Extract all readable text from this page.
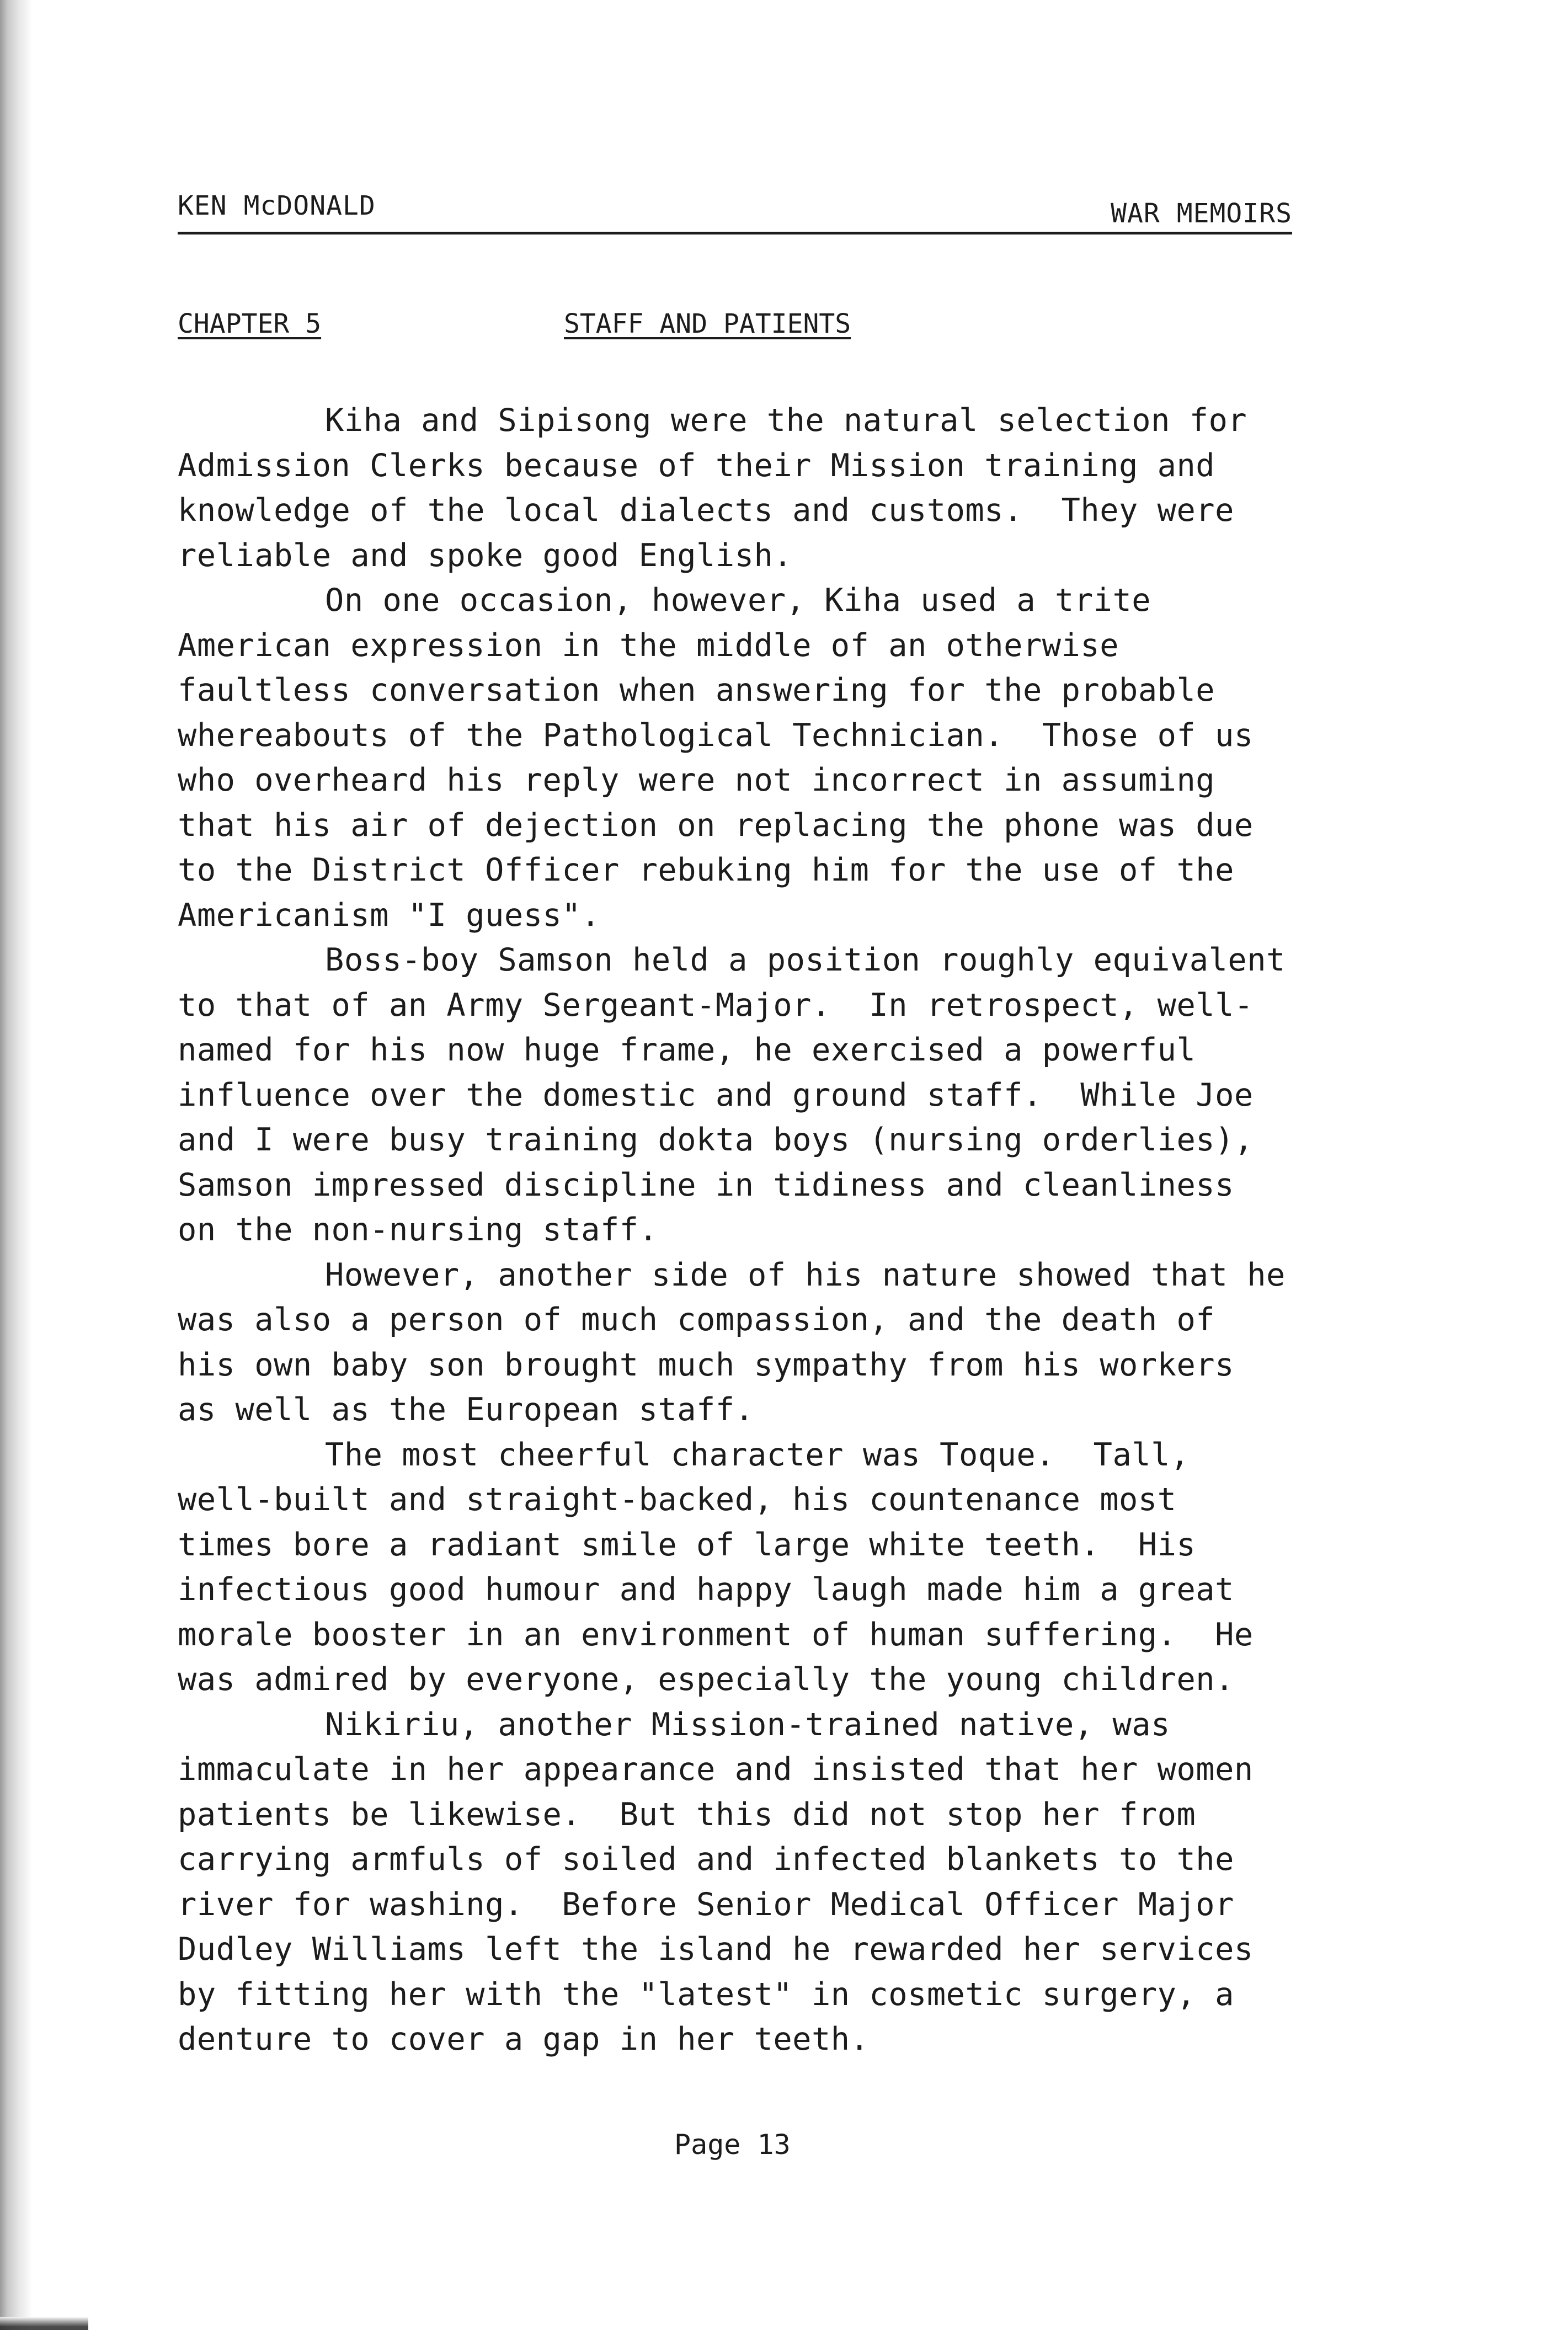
KEN McDONALD	WAR MEMOIRS
CHAPTER 5	STAFF AND PATIENTS
Kiha and Sipisong were the natural selection for
Admission Clerks because of their Mission training and
knowledge of the local dialects and customs.  They were
reliable and spoke good English.
On one occasion, however, Kiha used a trite
American expression in the middle of an otherwise
faultless conversation when answering for the probable
whereabouts of the Pathological Technician.  Those of us
who overheard his reply were not incorrect in assuming
that his air of dejection on replacing the phone was due
to the District Officer rebuking him for the use of the
Americanism "I guess".
Boss-boy Samson held a position roughly equivalent
to that of an Army Sergeant-Major.  In retrospect, well-
named for his now huge frame, he exercised a powerful
influence over the domestic and ground staff.  While Joe
and I were busy training dokta boys (nursing orderlies),
Samson impressed discipline in tidiness and cleanliness
on the non-nursing staff.
However, another side of his nature showed that he
was also a person of much compassion, and the death of
his own baby son brought much sympathy from his workers
as well as the European staff.
The most cheerful character was Toque.  Tall,
well-built and straight-backed, his countenance most
times bore a radiant smile of large white teeth.  His
infectious good humour and happy laugh made him a great
morale booster in an environment of human suffering.  He
was admired by everyone, especially the young children.
Nikiriu, another Mission-trained native, was
immaculate in her appearance and insisted that her women
patients be likewise.  But this did not stop her from
carrying armfuls of soiled and infected blankets to the
river for washing.  Before Senior Medical Officer Major
Dudley Williams left the island he rewarded her services
by fitting her with the "latest" in cosmetic surgery, a
denture to cover a gap in her teeth.
Page 13
